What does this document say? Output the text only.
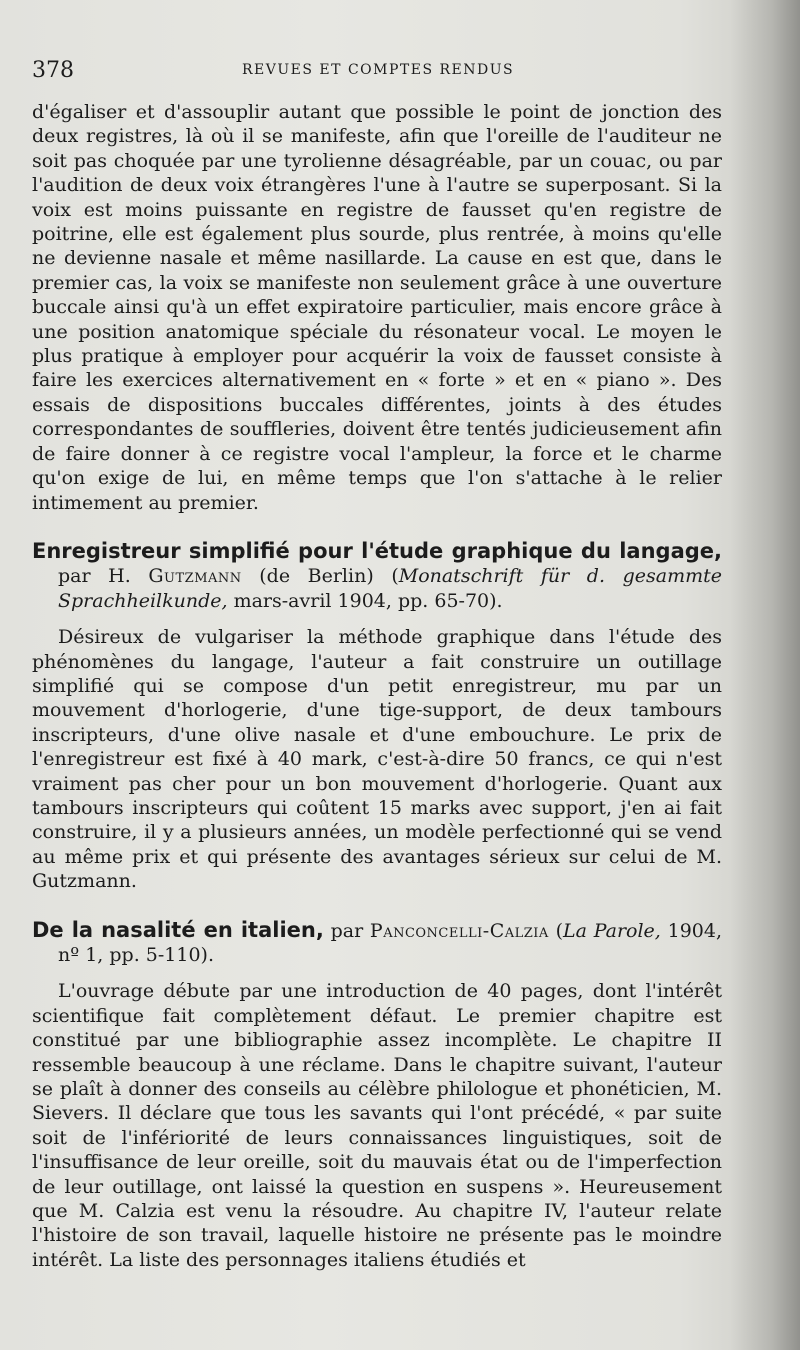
378	REVUES ET COMPTES RENDUS

d'égaliser et d'assouplir autant que possible le point de jonction des deux registres, là où il se manifeste, afin que l'oreille de l'auditeur ne soit pas choquée par une tyrolienne désagréable, par un couac, ou par l'audition de deux voix étrangères l'une à l'autre se superposant. Si la voix est moins puissante en registre de fausset qu'en registre de poitrine, elle est également plus sourde, plus rentrée, à moins qu'elle ne devienne nasale et même nasillarde. La cause en est que, dans le premier cas, la voix se manifeste non seulement grâce à une ouverture buccale ainsi qu'à un effet expiratoire particulier, mais encore grâce à une position anatomique spéciale du résonateur vocal. Le moyen le plus pratique à employer pour acquérir la voix de fausset consiste à faire les exercices alternativement en « forte » et en « piano ». Des essais de dispositions buccales différentes, joints à des études correspondantes de souffleries, doivent être tentés judicieusement afin de faire donner à ce registre vocal l'ampleur, la force et le charme qu'on exige de lui, en même temps que l'on s'attache à le relier intimement au premier.

Enregistreur simplifié pour l'étude graphique du langage, par H. Gutzmann (de Berlin) (Monatschrift für d. gesammte Sprachheilkunde, mars-avril 1904, pp. 65-70).

Désireux de vulgariser la méthode graphique dans l'étude des phénomènes du langage, l'auteur a fait construire un outillage simplifié qui se compose d'un petit enregistreur, mu par un mouvement d'horlogerie, d'une tige-support, de deux tambours inscripteurs, d'une olive nasale et d'une embouchure. Le prix de l'enregistreur est fixé à 40 mark, c'est-à-dire 50 francs, ce qui n'est vraiment pas cher pour un bon mouvement d'horlogerie. Quant aux tambours inscripteurs qui coûtent 15 marks avec support, j'en ai fait construire, il y a plusieurs années, un modèle perfectionné qui se vend au même prix et qui présente des avantages sérieux sur celui de M. Gutzmann.

De la nasalité en italien, par Panconcelli-Calzia (La Parole, 1904, nº 1, pp. 5-110).

L'ouvrage débute par une introduction de 40 pages, dont l'intérêt scientifique fait complètement défaut. Le premier chapitre est constitué par une bibliographie assez incomplète. Le chapitre II ressemble beaucoup à une réclame. Dans le chapitre suivant, l'auteur se plaît à donner des conseils au célèbre philologue et phonéticien, M. Sievers. Il déclare que tous les savants qui l'ont précédé, « par suite soit de l'infériorité de leurs connaissances linguistiques, soit de l'insuffisance de leur oreille, soit du mauvais état ou de l'imperfection de leur outillage, ont laissé la question en suspens ». Heureusement que M. Calzia est venu la résoudre. Au chapitre IV, l'auteur relate l'histoire de son travail, laquelle histoire ne présente pas le moindre intérêt. La liste des personnages italiens étudiés et
